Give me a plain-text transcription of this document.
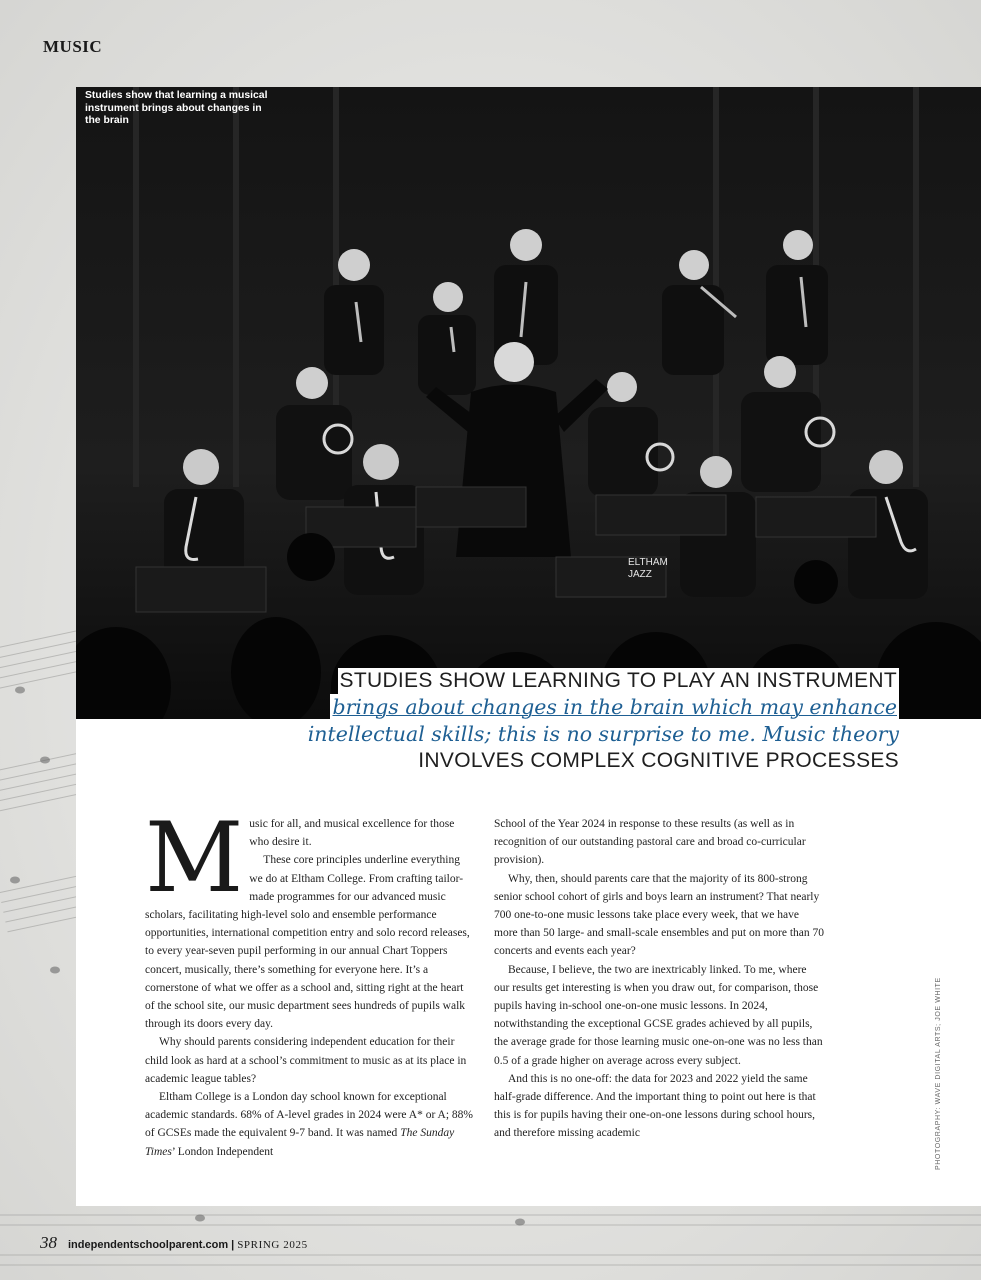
MUSIC
ELTHAM
JAZZ
Studies show that learning a musical instrument brings about changes in the brain
STUDIES SHOW LEARNING TO PLAY AN INSTRUMENT
brings about changes in the brain which may enhance
intellectual skills; this is no surprise to me. Music theory
INVOLVES COMPLEX COGNITIVE PROCESSES
M usic for all, and musical excellence for those who desire it.

These core principles underline everything we do at Eltham College. From crafting tailor-made programmes for our advanced music scholars, facilitating high-level solo and ensemble performance opportunities, international competition entry and solo record releases, to every year-seven pupil performing in our annual Chart Toppers concert, musically, there’s something for everyone here. It’s a cornerstone of what we offer as a school and, sitting right at the heart of the school site, our music department sees hundreds of pupils walk through its doors every day.

Why should parents considering independent education for their child look as hard at a school’s commitment to music as at its place in academic league tables?

Eltham College is a London day school known for exceptional academic standards. 68% of A-level grades in 2024 were A* or A; 88% of GCSEs made the equivalent 9-7 band. It was named The Sunday Times’ London Independent

School of the Year 2024 in response to these results (as well as in recognition of our outstanding pastoral care and broad co-curricular provision).

Why, then, should parents care that the majority of its 800-strong senior school cohort of girls and boys learn an instrument? That nearly 700 one-to-one music lessons take place every week, that we have more than 50 large- and small-scale ensembles and put on more than 70 concerts and events each year?

Because, I believe, the two are inextricably linked. To me, where our results get interesting is when you draw out, for comparison, those pupils having in-school one-on-one music lessons. In 2024, notwithstanding the exceptional GCSE grades achieved by all pupils, the average grade for those learning music one-on-one was no less than 0.5 of a grade higher on average across every subject.

And this is no one-off: the data for 2023 and 2022 yield the same half-grade difference. And the important thing to point out here is that this is for pupils having their one-on-one lessons during school hours, and therefore missing academic	PHOTOGRAPHY: WAVE DIGITAL ARTS; JOE WHITE
38 independentschoolparent.com | SPRING 2025
